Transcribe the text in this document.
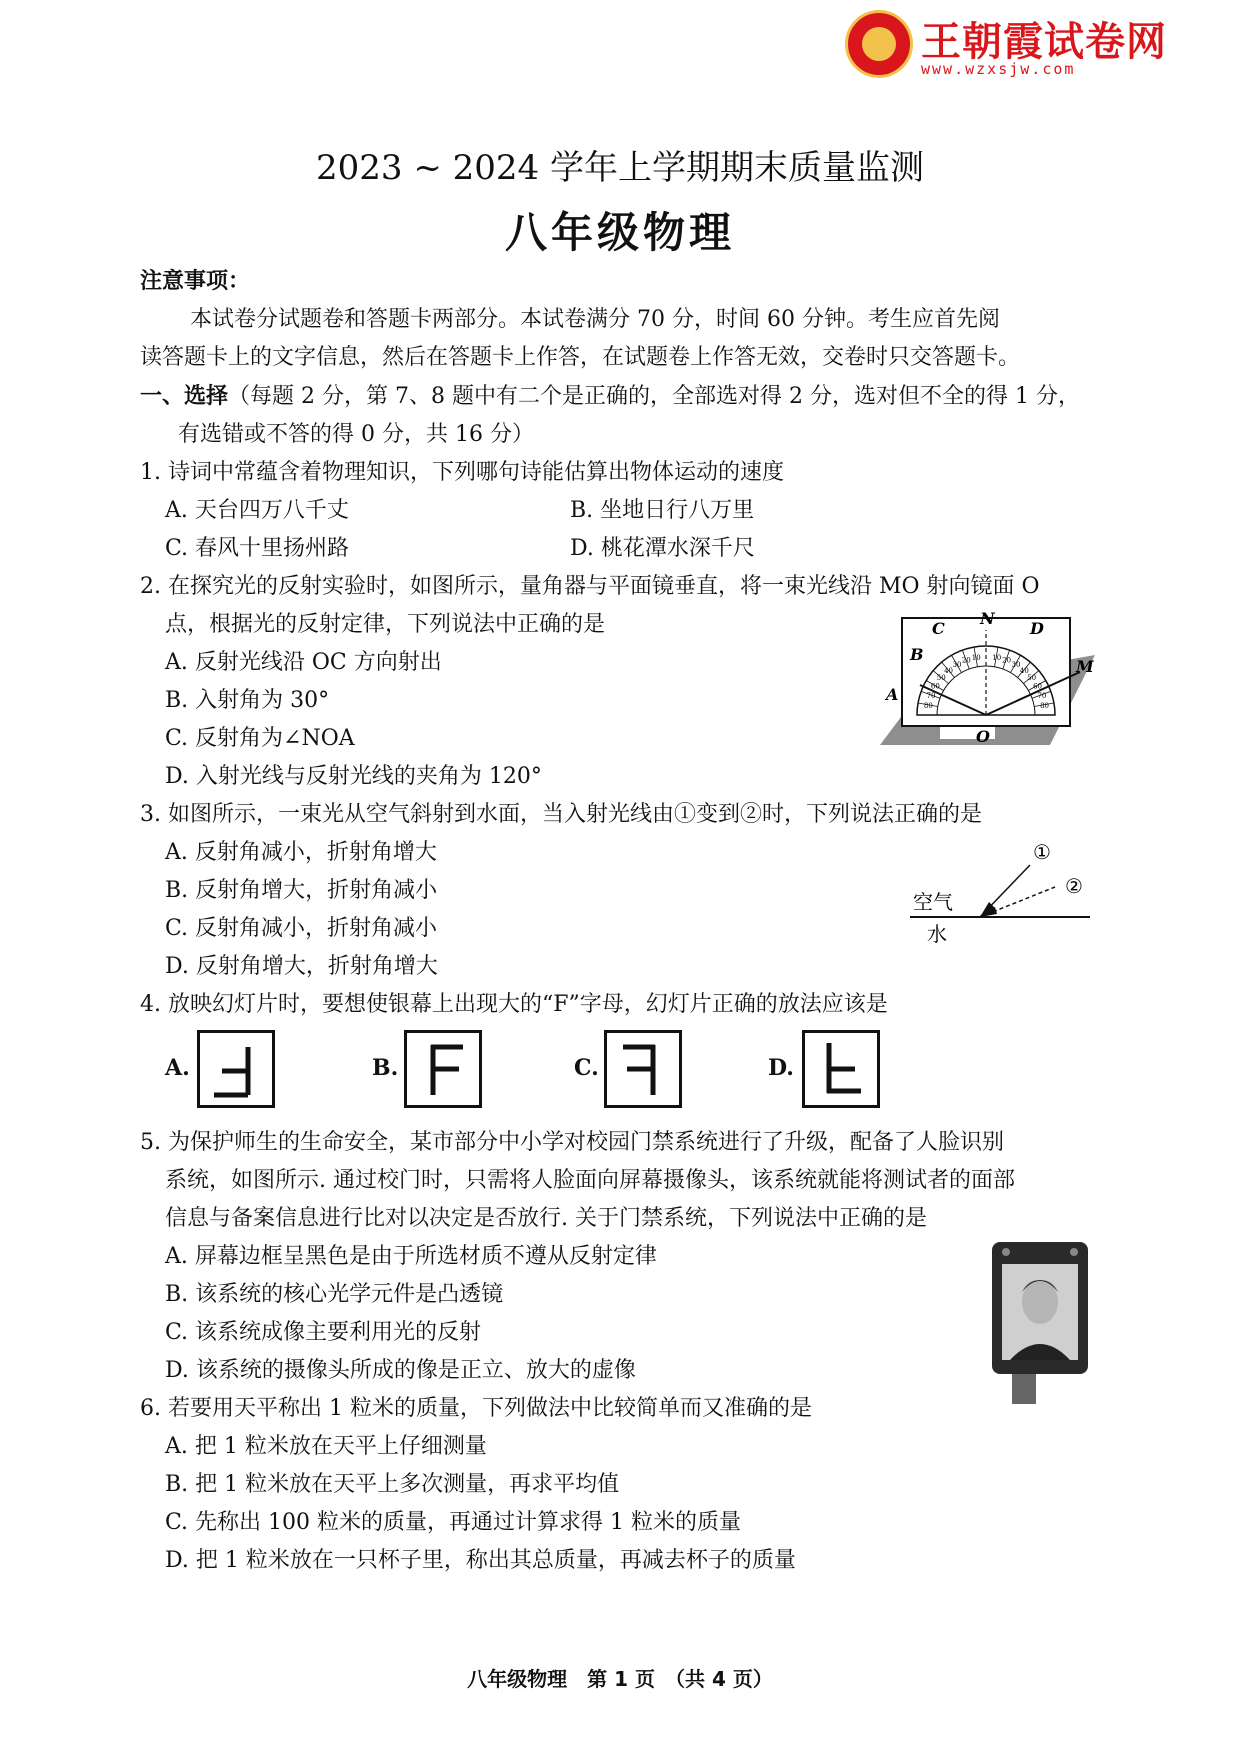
王朝霞试卷网
www.wzxsjw.com
2023 ~ 2024 学年上学期期末质量监测
八年级物理
注意事项：
本试卷分试题卷和答题卡两部分。本试卷满分 70 分，时间 60 分钟。考生应首先阅
读答题卡上的文字信息，然后在答题卡上作答，在试题卷上作答无效，交卷时只交答题卡。
一、选择（每题 2 分，第 7、8 题中有二个是正确的，全部选对得 2 分，选对但不全的得 1 分，
有选错或不答的得 0 分，共 16 分）
1. 诗词中常蕴含着物理知识，下列哪句诗能估算出物体运动的速度
A. 天台四万八千丈	B. 坐地日行八万里
C. 春风十里扬州路	D. 桃花潭水深千尺
2. 在探究光的反射实验时，如图所示，量角器与平面镜垂直，将一束光线沿 MO 射向镜面 O
点，根据光的反射定律，下列说法中正确的是
A. 反射光线沿 OC 方向射出
B. 入射角为 30°
C. 反射角为∠NOA
D. 入射光线与反射光线的夹角为 120°
80
70
60
50
40
30
20 10 10 20
30
40
50
60
70
80
N
C	D
B
A
M
O
3. 如图所示，一束光从空气斜射到水面，当入射光线由①变到②时，下列说法正确的是
A. 反射角减小，折射角增大
B. 反射角增大，折射角减小
C. 反射角减小，折射角减小
D. 反射角增大，折射角增大
①
②
空气
水
4. 放映幻灯片时，要想使银幕上出现大的“F”字母，幻灯片正确的放法应该是
A.	B.	C.	D.
5. 为保护师生的生命安全，某市部分中小学对校园门禁系统进行了升级，配备了人脸识别
系统，如图所示. 通过校门时，只需将人脸面向屏幕摄像头，该系统就能将测试者的面部
信息与备案信息进行比对以决定是否放行. 关于门禁系统，下列说法中正确的是
A. 屏幕边框呈黑色是由于所选材质不遵从反射定律
B. 该系统的核心光学元件是凸透镜
C. 该系统成像主要利用光的反射
D. 该系统的摄像头所成的像是正立、放大的虚像
6. 若要用天平称出 1 粒米的质量，下列做法中比较简单而又准确的是
A. 把 1 粒米放在天平上仔细测量
B. 把 1 粒米放在天平上多次测量，再求平均值
C. 先称出 100 粒米的质量，再通过计算求得 1 粒米的质量
D. 把 1 粒米放在一只杯子里，称出其总质量，再减去杯子的质量
八年级物理　第 1 页　（共 4 页）
